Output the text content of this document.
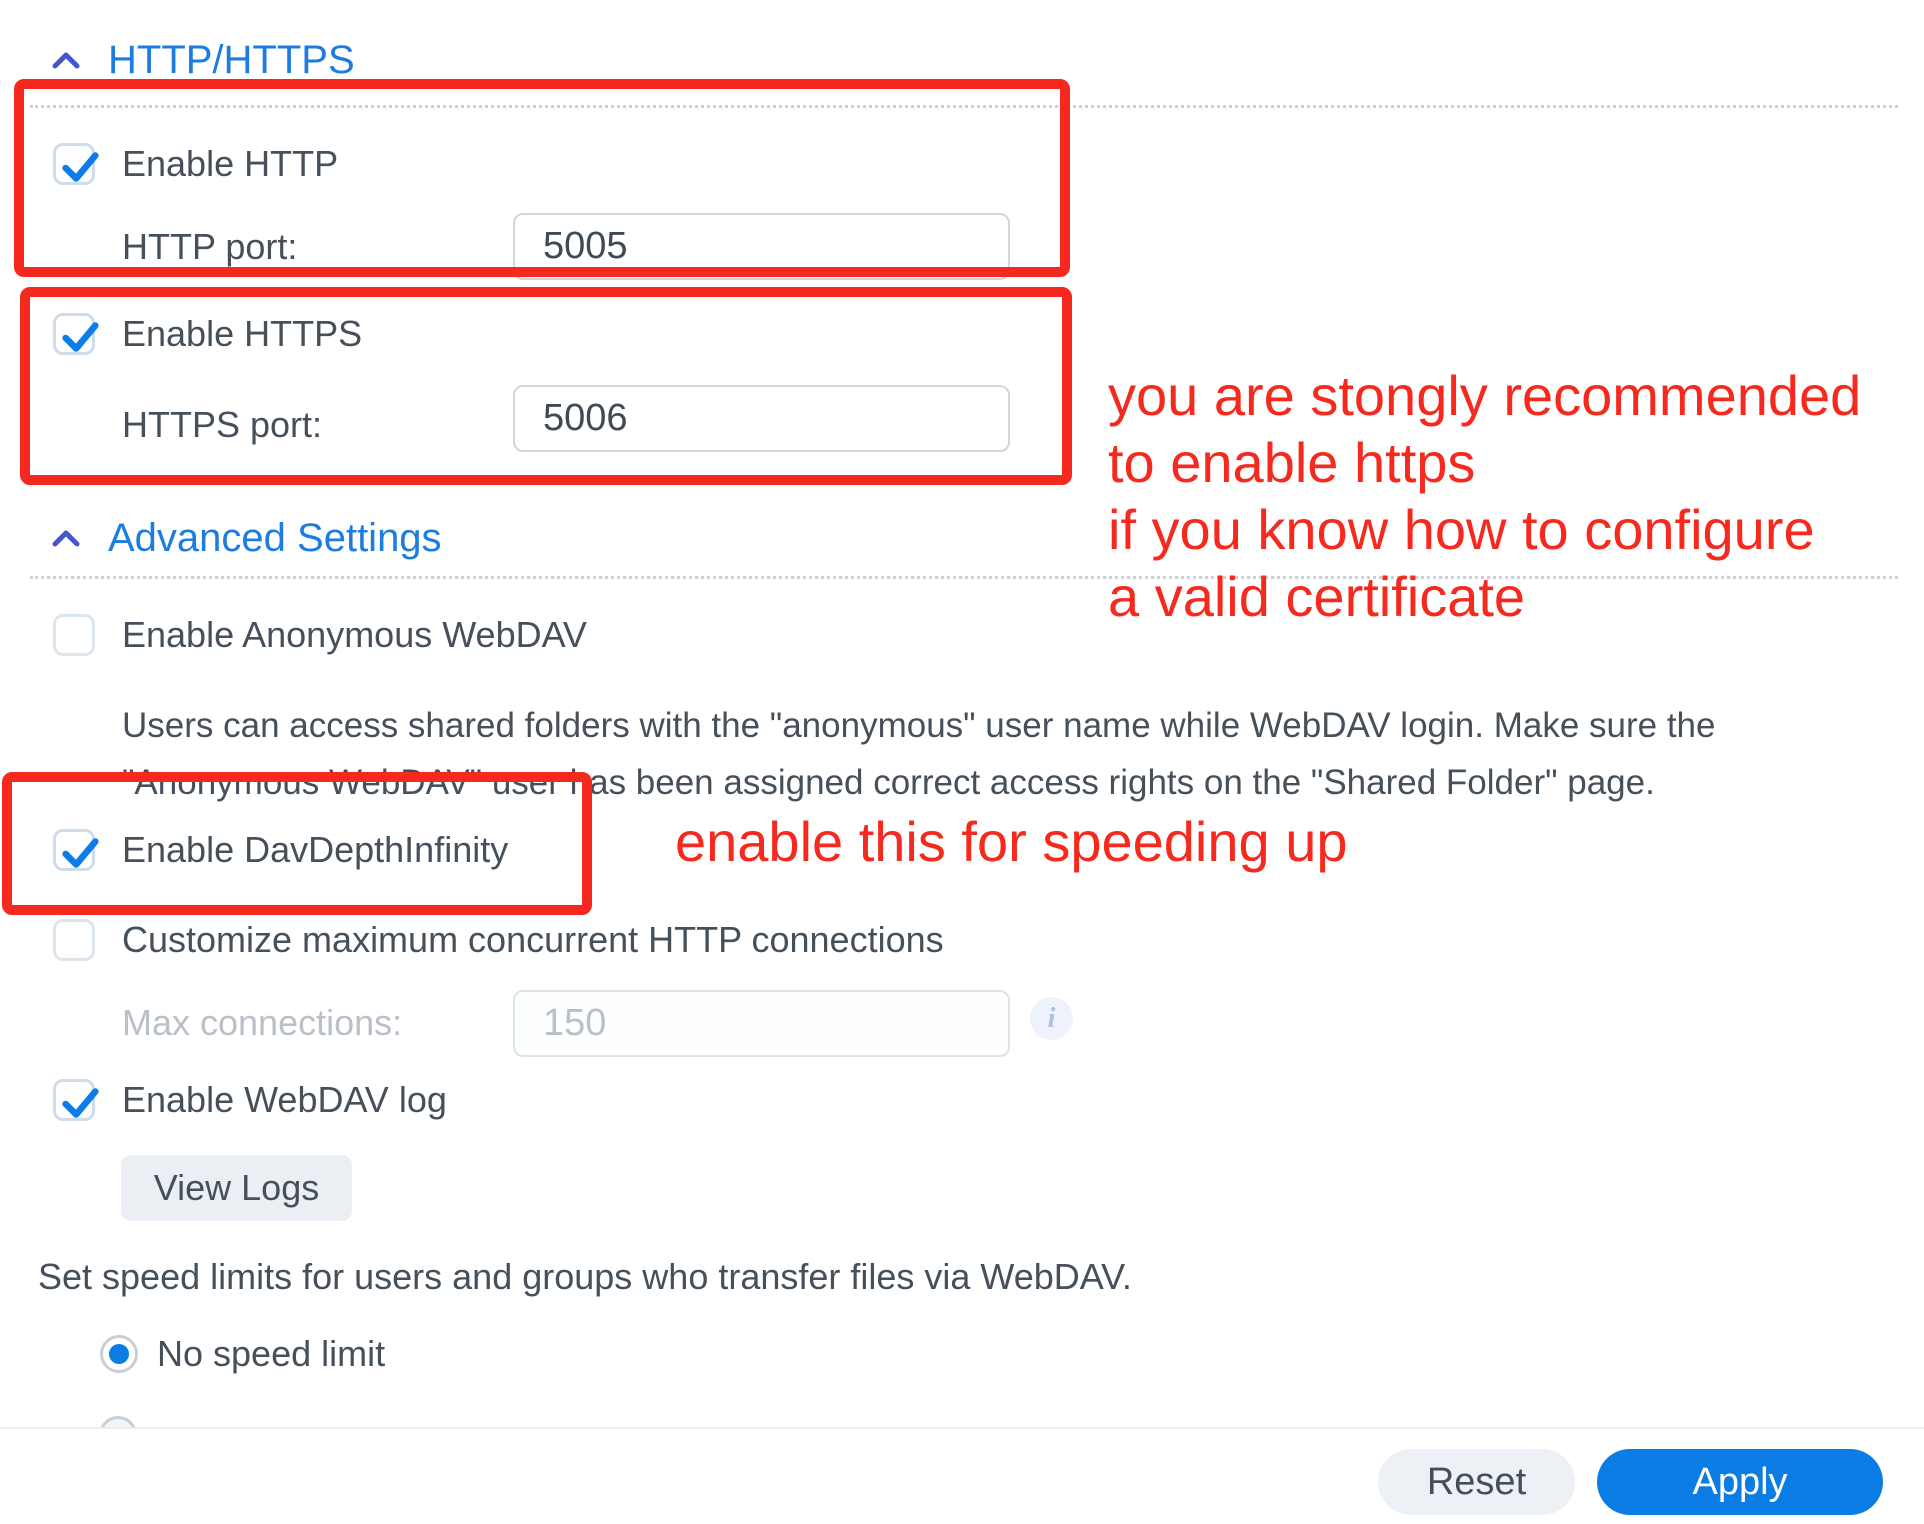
HTTP/HTTPS
Enable HTTP
HTTP port:
5005
Enable HTTPS
HTTPS port:
5006
Advanced Settings
Enable Anonymous WebDAV
Users can access shared folders with the "anonymous" user name while WebDAV login. Make sure the
"Anonymous WebDAV" user has been assigned correct access rights on the "Shared Folder" page.
Enable DavDepthInfinity
Customize maximum concurrent HTTP connections
Max connections:
150	i
Enable WebDAV log
View Logs
Set speed limits for users and groups who transfer files via WebDAV.
No speed limit
Reset	Apply
you are stongly recommended
to enable https
if you know how to configure
a valid certificate
enable this for speeding up
